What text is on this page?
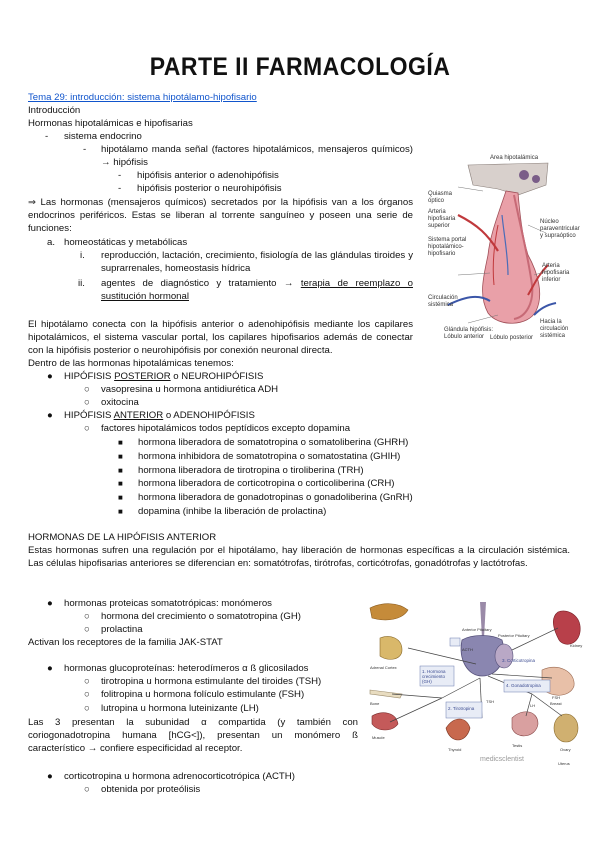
PARTE II FARMACOLOGÍA
Tema 29: introducción: sistema hipotálamo-hipofisario
Introducción
Hormonas hipotalámicas e hipofisarias
- sistema endocrino
- hipotálamo manda señal (factores hipotalámicos, mensajeros químicos) → hipófisis
- hipófisis anterior o adenohipófisis
- hipófisis posterior o neurohipófisis
⇒ Las hormonas (mensajeros químicos) secretados por la hipófisis van a los órganos endocrinos periféricos. Estas se liberan al torrente sanguíneo y poseen una serie de funciones:
a. homeostáticas y metabólicas
i. reproducción, lactación, crecimiento, fisiología de las glándulas tiroides y suprarrenales, homeostasis hídrica
ii. agentes de diagnóstico y tratamiento → terapia de reemplazo o sustitución hormonal
El hipotálamo conecta con la hipófisis anterior o adenohipófisis mediante los capilares hipotalámicos, el sistema vascular portal, los capilares hipofisarios además de conectar con la hipófisis posterior o neurohipófisis por conexión neuronal directa.
Dentro de las hormonas hipotalámicas tenemos:
● HIPÓFISIS POSTERIOR o NEUROHIPÓFISIS
○ vasopresina u hormona antidiurética ADH
○ oxitocina
● HIPÓFISIS ANTERIOR o ADENOHIPÓFISIS
○ factores hipotalámicos todos peptídicos excepto dopamina
■ hormona liberadora de somatotropina o somatoliberina (GHRH)
■ hormona inhibidora de somatotropina o somatostatina (GHIH)
■ hormona liberadora de tirotropina o tiroliberina (TRH)
■ hormona liberadora de corticotropina o corticoliberina (CRH)
■ hormona liberadora de gonadotropinas o gonadoliberina (GnRH)
■ dopamina (inhibe la liberación de prolactina)
HORMONAS DE LA HIPÓFISIS ANTERIOR
Estas hormonas sufren una regulación por el hipotálamo, hay liberación de hormonas específicas a la circulación sistémica. Las células hipofisarias anteriores se diferencian en: somatótrofas, tirótrofas, corticótrofas, gonadótrofas y lactótrofas.
● hormonas proteicas somatotrópicas: monómeros
○ hormona del crecimiento o somatotropina (GH)
○ prolactina
Activan los receptores de la familia JAK-STAT
● hormonas glucoproteínas: heterodímeros α ß glicosilados
○ tirotropina u hormona estimulante del tiroides (TSH)
○ folitropina u hormona folículo estimulante (FSH)
○ lutropina u hormona luteinizante (LH)
Las 3 presentan la subunidad α compartida (y también con coriogonadotropina humana [hCG<]), presentan un monómero ß característico → confiere especificidad al receptor.
● corticotropina u hormona adrenocorticotrópica (ACTH)
○ obtenida por proteólisis
Area hipotalámica
Quiasma óptico
Arteria hipofisaria superior
Sistema portal hipotalámico-hipofisario
Circulación sistémica
Glándula hipófisis: Lóbulo anterior Lóbulo posterior
Núcleo paraventricular y supraóptico
Arteria hipofisaria inferior
Hacia la circulación sistémica
Anterior Pituitary
Posterior Pituitary
ACTH
Kidney
1. Hormona crecimiento (GH)
4. Gonadotropina
2. Tirotropina
3. Corticotropina
TSH
FSH
LH
Adrenal Cortex
Bone
Muscle
Thyroid
Breast
Testis
Ovary
Uterus
medicsclentist
